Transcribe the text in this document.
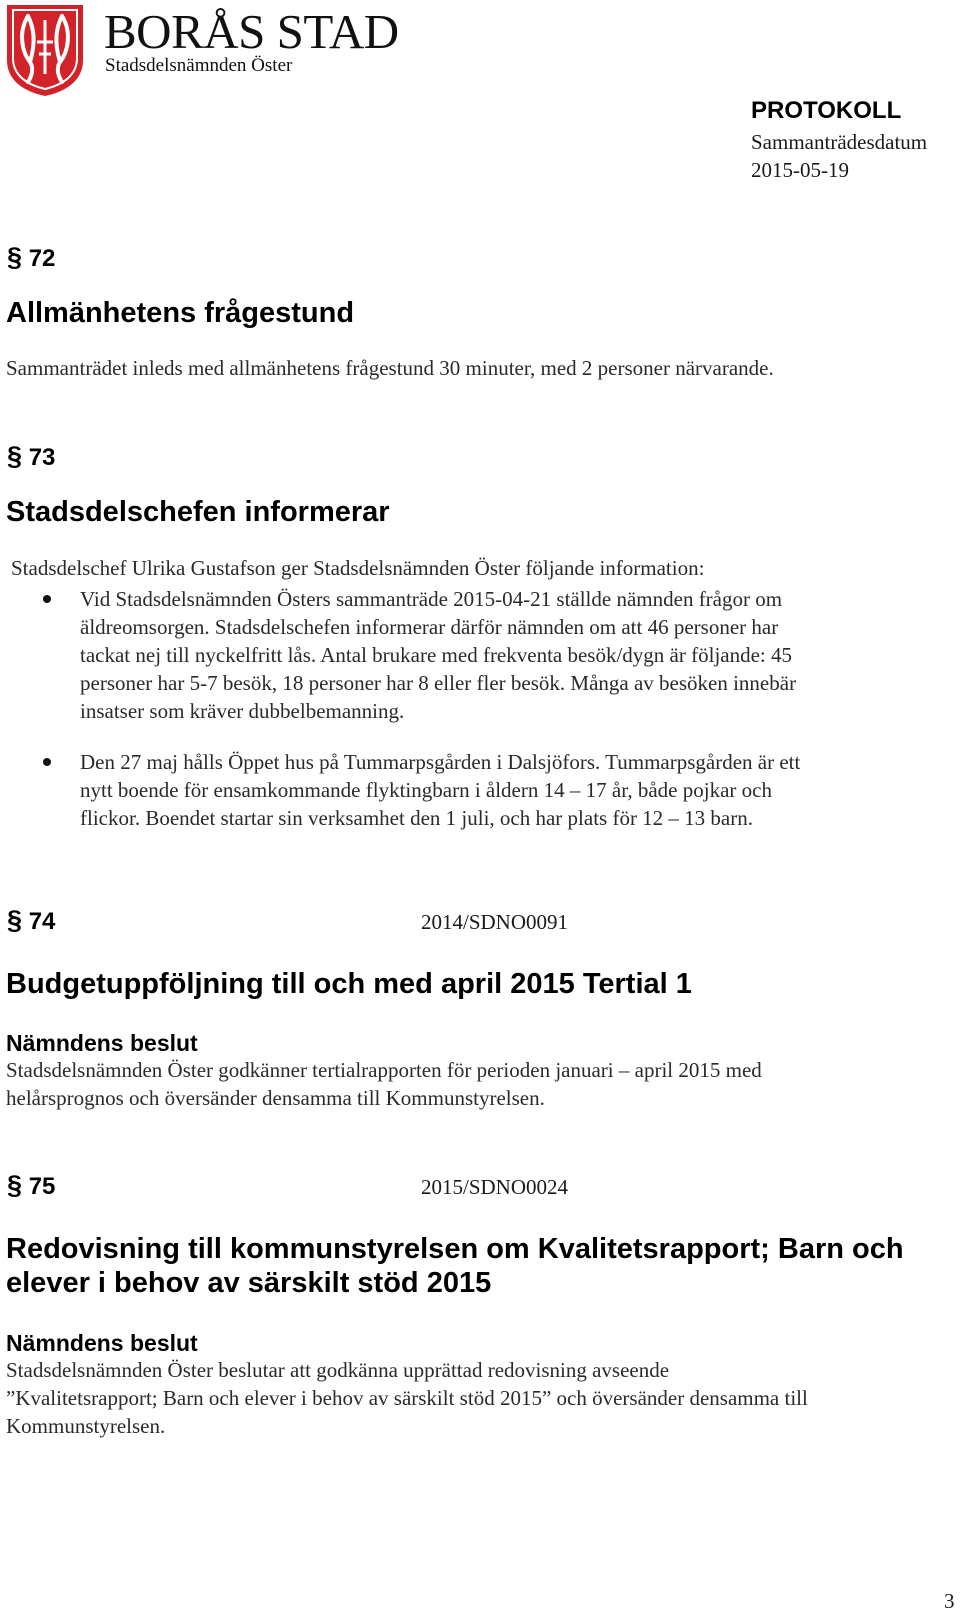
BORÅS STAD
Stadsdelsnämnden Öster
PROTOKOLL
Sammanträdesdatum
2015-05-19
§ 72
Allmänhetens frågestund
Sammanträdet inleds med allmänhetens frågestund 30 minuter, med 2 personer närvarande.
§ 73
Stadsdelschefen informerar
Stadsdelschef Ulrika Gustafson ger Stadsdelsnämnden Öster följande information:
Vid Stadsdelsnämnden Östers sammanträde 2015-04-21 ställde nämnden frågor om
äldreomsorgen. Stadsdelschefen informerar därför nämnden om att 46 personer har
tackat nej till nyckelfritt lås. Antal brukare med frekventa besök/dygn är följande: 45
personer har 5-7 besök, 18 personer har 8 eller fler besök. Många av besöken innebär
insatser som kräver dubbelbemanning.
Den 27 maj hålls Öppet hus på Tummarpsgården i Dalsjöfors. Tummarpsgården är ett
nytt boende för ensamkommande flyktingbarn i åldern 14 – 17 år, både pojkar och
flickor. Boendet startar sin verksamhet den 1 juli, och har plats för 12 – 13 barn.
§ 74	2014/SDNO0091
Budgetuppföljning till och med april 2015 Tertial 1
Nämndens beslut
Stadsdelsnämnden Öster godkänner tertialrapporten för perioden januari – april 2015 med
helårsprognos och översänder densamma till Kommunstyrelsen.
§ 75	2015/SDNO0024
Redovisning till kommunstyrelsen om Kvalitetsrapport; Barn och
elever i behov av särskilt stöd 2015
Nämndens beslut
Stadsdelsnämnden Öster beslutar att godkänna upprättad redovisning avseende
”Kvalitetsrapport; Barn och elever i behov av särskilt stöd 2015” och översänder densamma till
Kommunstyrelsen.
3
